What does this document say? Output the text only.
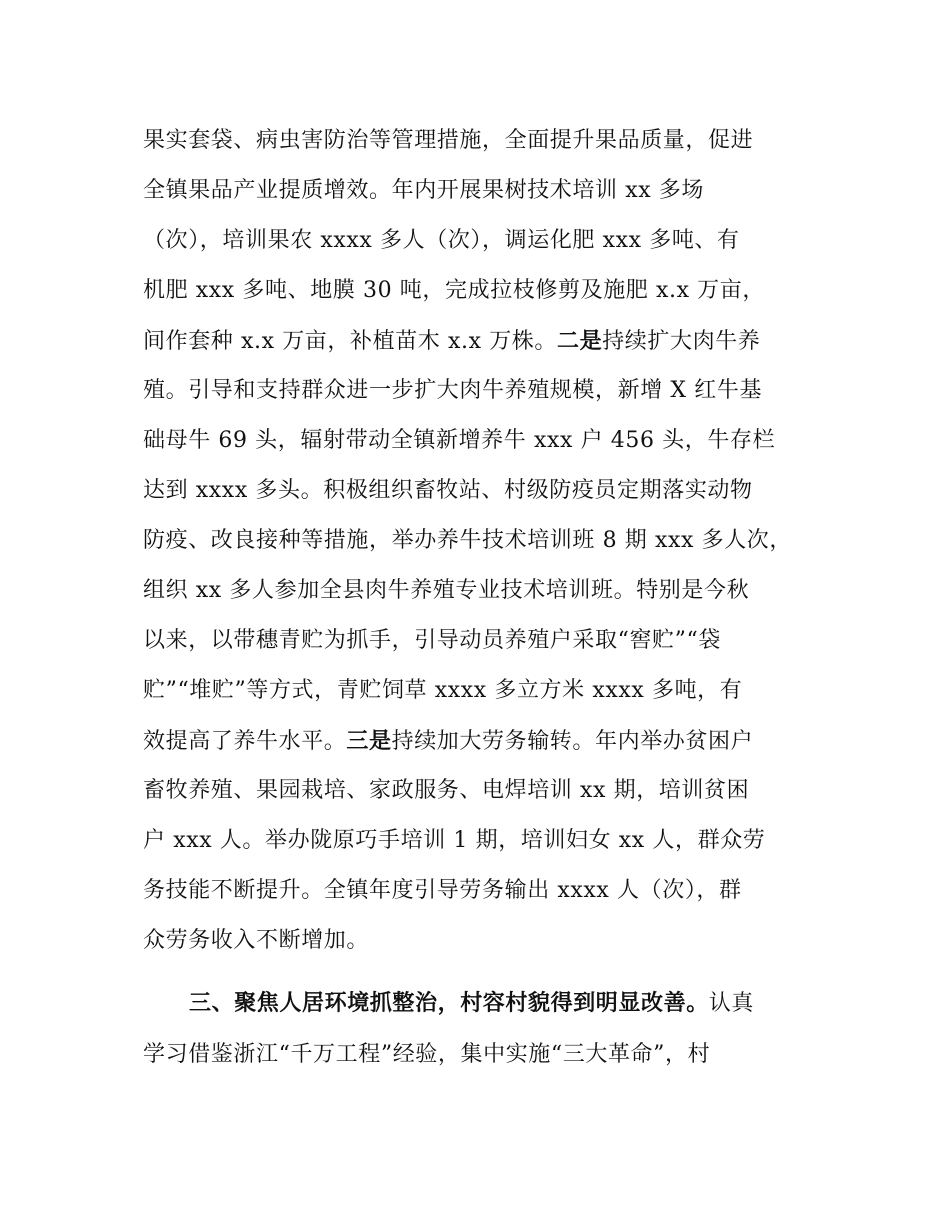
果实套袋、病虫害防治等管理措施，全面提升果品质量，促进
全镇果品产业提质增效。年内开展果树技术培训 xx 多场
（次），培训果农 xxxx 多人（次），调运化肥 xxx 多吨、有
机肥 xxx 多吨、地膜 30 吨，完成拉枝修剪及施肥 x.x 万亩，
间作套种 x.x 万亩，补植苗木 x.x 万株。二是持续扩大肉牛养
殖。引导和支持群众进一步扩大肉牛养殖规模，新增 X 红牛基
础母牛 69 头，辐射带动全镇新增养牛 xxx 户 456 头，牛存栏
达到 xxxx 多头。积极组织畜牧站、村级防疫员定期落实动物
防疫、改良接种等措施，举办养牛技术培训班 8 期 xxx 多人次，
组织 xx 多人参加全县肉牛养殖专业技术培训班。特别是今秋
以来，以带穗青贮为抓手，引导动员养殖户采取“窖贮”“袋
贮”“堆贮”等方式，青贮饲草 xxxx 多立方米 xxxx 多吨，有
效提高了养牛水平。三是持续加大劳务输转。年内举办贫困户
畜牧养殖、果园栽培、家政服务、电焊培训 xx 期，培训贫困
户 xxx 人。举办陇原巧手培训 1 期，培训妇女 xx 人，群众劳
务技能不断提升。全镇年度引导劳务输出 xxxx 人（次），群
众劳务收入不断增加。
三、聚焦人居环境抓整治，村容村貌得到明显改善。认真
学习借鉴浙江“千万工程”经验，集中实施“三大革命”，村
